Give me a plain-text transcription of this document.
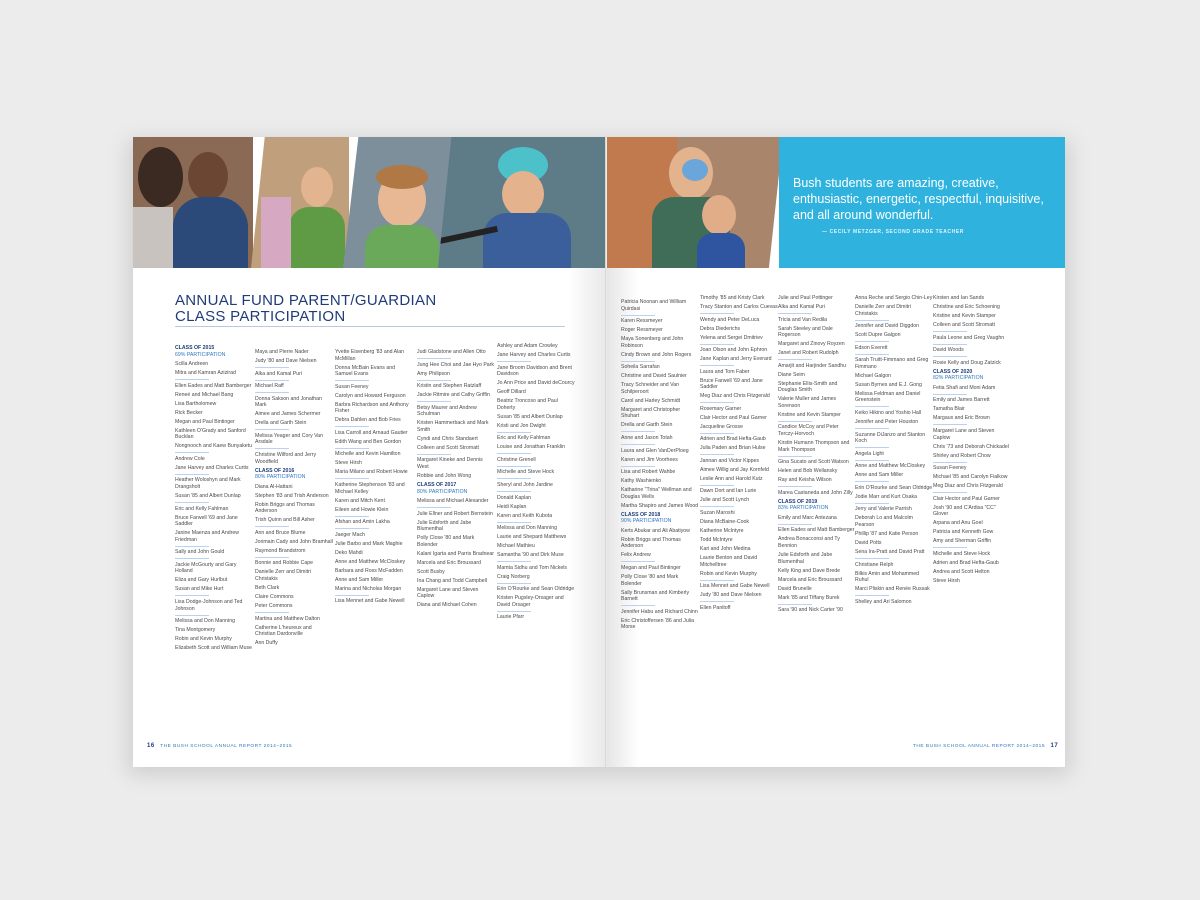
ANNUAL FUND PARENT/GUARDIAN
CLASS PARTICIPATION
CLASS OF 2015
69% PARTICIPATION
Scilla Andreen
Mitra and Kamran Azizirad
Ellen Eades and Matt Bamberger
Reneé and Michael Bang
Lisa Bartholomew
Rick Becker
Megan and Paul Bintinger
Kathleen O'Grady and Sanford Bucklan
Nongnooch and Kaew Bunyaketu
Andrew Cole
Jane Harvey and Charles Curtis
Heather Woloshyn and Mark Drangsholt
Susan '85 and Albert Dunlap
Eric and Kelly Fahlman
Bruce Farwell '69 and Jane Saddler
Janine Maenza and Andrew Friedman
Sally and John Gould
Jackie McGourty and Gary Holland
Eliza and Gary Hurlbut
Susan and Mike Hurt
Lisa Dodge-Johnson and Ted Johnson
Melissa and Don Manning
Tina Montgomery
Robin and Kevin Murphy
Elizabeth Scott and William Muse
Maya and Pierre Nader
Judy '80 and Dave Nielsen
Alka and Kamal Puri
Michael Raff
Donna Sakson and Jonathan Mark
Aimee and James Schermer
Drella and Garth Stein
Melissa Yeager and Cory Van Arsdale
Christine Wilford and Jerry Woodfield
CLASS OF 2016
80% PARTICIPATION
Diana Al-Hattani
Stephen '83 and Trish Anderson
Robin Briggs and Thomas Anderson
Trish Quinn and Bill Asher
Ann and Bruce Blume
Jorimain Cady and John Bramhall
Raymond Brandstrom
Bonnie and Robbie Cape
Danielle Zerr and Dimitri Christakis
Beth Clark
Claire Commons
Peter Commons
Martina and Matthew Dalton
Catherine L'heureux and Christian Dardonville
Ann Duffy
Yvette Eisenberg '83 and Alan McMillan
Donna McBain Evans and Samuel Evans
Susan Feeney
Carolyn and Howard Ferguson
Barbra Richardson and Anthony Fisher
Debra Dahlen and Bob Fries
Lisa Carroll and Arnaud Gautier
Edith Wang and Ben Gordon
Michelle and Kevin Hamilton
Steve Hirsh
Maria Milano and Robert Howie
Katherine Stephenson '83 and Michael Kelley
Karen and Mitch Kent
Eileen and Howie Klein
Afshan and Amin Lakha
Jaeger Mach
Julie Barbo and Mark Maghie
Deko Mahdi
Anne and Matthew McCloskey
Barbara and Ross McFadden
Anne and Sam Miller
Marina and Nicholas Morgan
Lisa Mennet and Gabe Newell
Judi Gladstone and Allen Otto
Jung Hee Choi and Jae Hyo Park
Amy Philipson
Kristin and Stephen Ratzlaff
Jackie Ritmire and Cathy Griffin
Betsy Maurer and Andrew Schulman
Kristen Hammerback and Mark Smith
Cyndi and Chris Standaert
Colleen and Scott Stromatt
Margaret Kineke and Dennis West
Robbie and John Wong
CLASS OF 2017
80% PARTICIPATION
Melissa and Michael Alexander
Julie Ellner and Robert Bernstein
Julie Edsforth and Jabe Blumenthal
Polly Close '80 and Mark Bolender
Kalani Igarta and Parris Bradnear
Marcela and Eric Broussard
Scott Busby
Ina Chang and Todd Campbell
Margaret Lane and Steven Caplow
Diana and Michael Cohen
Ashley and Adam Crowley
Jane Harvey and Charles Curtis
Jane Broom Davidson and Brent Davidson
Jo Ann Price and David deCourcy
Geoff Dillard
Beatriz Troncoso and Paul Doherty
Susan '85 and Albert Dunlap
Kristi and Jon Dwight
Eric and Kelly Fahlman
Louise and Jonathan Franklin
Christine Grenell
Michelle and Steve Hock
Sheryl and John Jardine
Donald Kaplan
Heidi Kaplan
Karen and Keith Kubota
Melissa and Don Manning
Laurie and Shepard Matthews
Michael Mathieu
Samantha '90 and Dirk Muse
Mamta Sidhu and Tom Nickels
Craig Norberg
Erin O'Rourke and Sean Oldridge
Kristen Pugsley-Orsager and David Orsager
Laurie Pfarr
16 THE BUSH SCHOOL ANNUAL REPORT 2014–2015
Bush students are amazing, creative, enthusiastic, energetic, respectful, inquisitive, and all around wonderful.
— CECILY METZGER, SECOND GRADE TEACHER
Patricia Noonan and William Quirdasi
Karen Ressmeyer
Roger Ressmeyer
Maya Sonenberg and John Robinson
Cindy Brown and John Rogers
Soheila Sarrafan
Christine and David Saulnier
Tracy Schneider and Van Schilperoort
Carol and Harley Schmidt
Margaret and Christopher Shuhart
Drella and Garth Stein
Anne and Jason Totah
Laura and Glen VanDerPloeg
Karen and Jim Voorhees
Lisa and Robert Wahbe
Kathy Washienko
Katharine "Trina" Wellman and Douglas Wells
Martha Shapiro and James Wood
CLASS OF 2018
90% PARTICIPATION
Kerts Abukar and Ali Abatiyow
Robin Briggs and Thomas Anderson
Felix Andrew
Megan and Paul Bintinger
Polly Close '80 and Mark Bolender
Sally Brunsman and Kimberly Barnett
Jennifer Habu and Richard Chinn
Eric Christoffersen '86 and Julia Morse
Timothy '85 and Kristy Clark
Tracy Stanton and Carlos Cuevas
Wendy and Peter DeLuca
Debra Diederichs
Yelena and Sergei Dmitriev
Joan Olson and John Ephron
Jane Kaplan and Jerry Everard
Laura and Tom Faber
Bruce Farwell '69 and Jane Saddler
Meg Diaz and Chris Fitzgerald
Rosemary Garner
Clair Hector and Paul Garner
Jacqueline Grosse
Adrien and Brad Hefta-Gaub
Julia Paden and Brian Hulse
Jannan and Victor Kippes
Aimee Willig and Jay Kornfeld
Leslie Ann and Harold Kutz
Dawn Dort and Ian Lurie
Julie and Scott Lynch
Suzan Maroshi
Diana McBaine-Cook
Katherine McIntyre
Todd McIntyre
Kari and John Medina
Laurie Benton and David Mitchelltree
Robin and Kevin Murphy
Lisa Mennet and Gabe Newell
Judy '80 and Dave Nielsen
Ellen Panitoff
Julie and Paul Pottinger
Alka and Kamal Puri
Tricia and Van Redila
Sarah Steeley and Dale Rogerson
Margaret and Zinovy Royzen
Janet and Robert Rudolph
Amarjit and Harjinder Sandhu
Diane Seim
Stephanie Ellis-Smith and Douglas Smith
Valerie Muller and James Sorenson
Kristine and Kevin Stamper
Candice McCoy and Peter Terczy-Horvoch
Kirstin Humann Thompson and Mark Thompson
Gina Sucato and Scott Watson
Helen and Bob Wellansky
Ray and Keisha Wilson
Marea Castaneda and John Zilly
CLASS OF 2019
83% PARTICIPATION
Emily and Marc Antezana
Ellen Eades and Matt Bamberger
Andrea Bonacconsi and Ty Bennion
Julie Edsforth and Jabe Blumenthal
Kelly King and Dave Brede
Marcela and Eric Broussard
David Brunelle
Mark '85 and Tiffany Burek
Sara '90 and Nick Carter '90
Anna Reche and Sergio Chin-Ley
Danielle Zerr and Dimitri Christakis
Jennifer and David Diggdon
Scott Dupre Galgon
Edson Everett
Sarah Truitt-Fimmano and Greg Fimmano
Michael Galgon
Susan Byrnes and E.J. Gong
Melissa Feldman and Daniel Greenstein
Keiko Hikino and Yoshio Hall
Jennifer and Peter Houston
Suzanne DiJanzo and Stanton Koch
Angela Light
Anne and Matthew McCloskey
Anne and Sam Miller
Erin O'Rourke and Sean Oldridge
Jodie Marr and Kurt Osaka
Jerry and Valerie Parrish
Deborah Lo and Malcolm Pearson
Phillip '87 and Katie Person
David Potts
Sena Ira-Pratt and David Pratt
Christiane Relph
Bilkis Amin and Mohammed Ruhul
Marci Pliskin and Renée Russak
Shelley and Ari Salomon
Kirsten and Ian Sands
Christine and Eric Schoening
Kristine and Kevin Stamper
Colleen and Scott Stromatt
Paula Leone and Greg Vaughn
David Woods
Rosie Kelly and Doug Zatzick
CLASS OF 2020
82% PARTICIPATION
Fetia Shafi and Moni Adam
Emily and James Barrett
Tamatha Blair
Margaux and Eric Brown
Margaret Lane and Steven Caplow
Chris '73 and Deborah Chickadel
Shirley and Robert Chow
Susan Feeney
Michael '85 and Carolyn Fialkow
Meg Diaz and Chris Fitzgerald
Clair Hector and Paul Garner
Josh '90 and C'Ardisa "CC" Glover
Arpana and Anu Goel
Patricia and Kenneth Gow
Amy and Sherman Griffin
Michelle and Steve Hock
Adrien and Brad Hefta-Gaub
Andrea and Scott Helton
Steve Hirsh
THE BUSH SCHOOL ANNUAL REPORT 2014–2015 17
